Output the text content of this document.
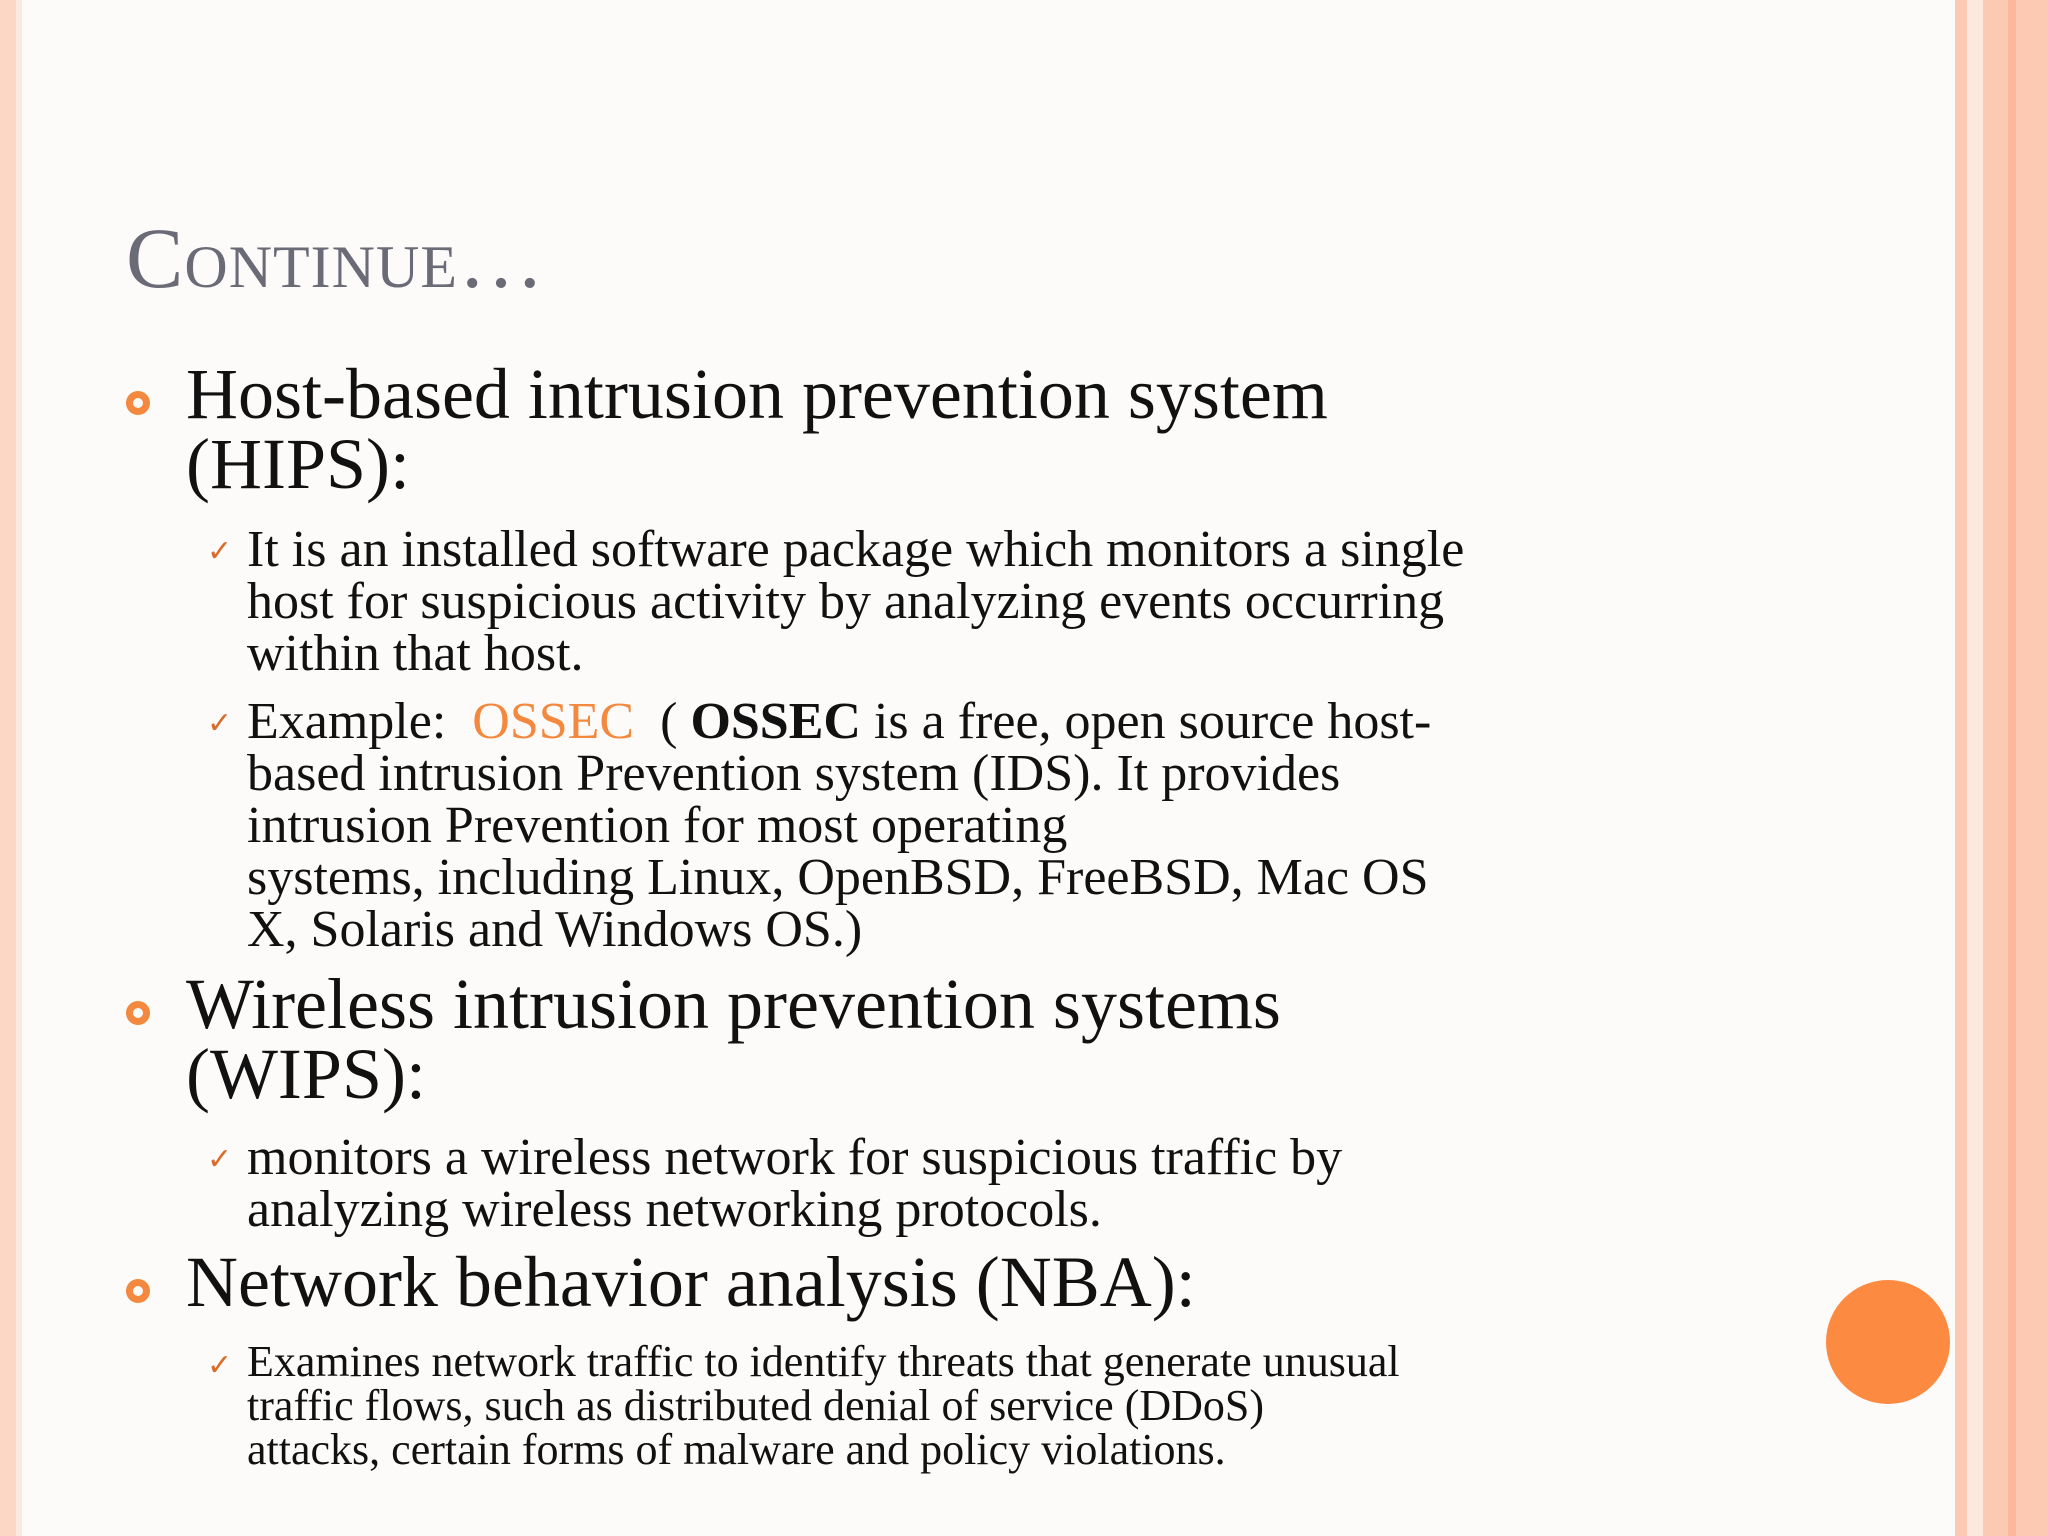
Continue…
Host-based intrusion prevention system
(HIPS):
✓ It is an installed software package which monitors a single
host for suspicious activity by analyzing events occurring
within that host.
✓ Example: OSSEC ( OSSEC is a free, open source host-
based intrusion Prevention system (IDS). It provides
intrusion Prevention for most operating
systems, including Linux, OpenBSD, FreeBSD, Mac OS
X, Solaris and Windows OS.)
Wireless intrusion prevention systems
(WIPS):
✓ monitors a wireless network for suspicious traffic by
analyzing wireless networking protocols.
Network behavior analysis (NBA):
✓ Examines network traffic to identify threats that generate unusual
traffic flows, such as distributed denial of service (DDoS)
attacks, certain forms of malware and policy violations.
